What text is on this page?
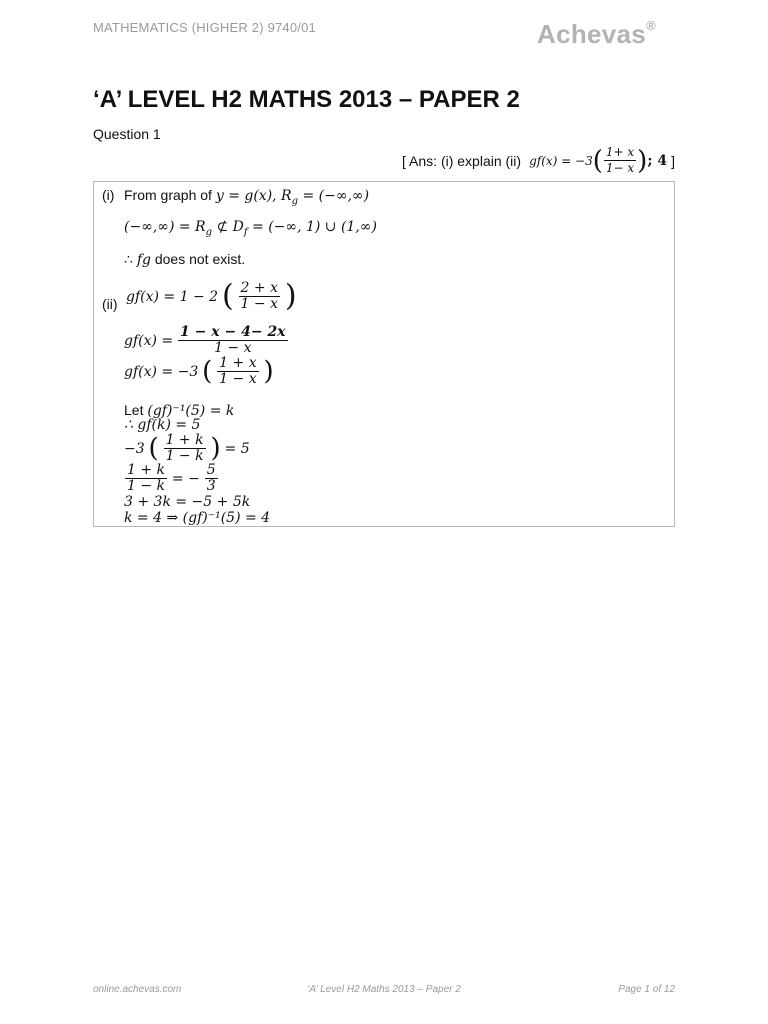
MATHEMATICS (HIGHER 2) 9740/01	Achevas®
‘A’ LEVEL H2 MATHS 2013 – PAPER 2
Question 1
[ Ans: (i) explain (ii) gf(x) = −3 ( $\frac{1+ x}{1- x}$ ) ; 4 ]
(i) From graph of y = g(x), $R_g$ = (−∞,∞)
(−∞,∞) = $R_g$ ⊄ $D_f$ = (−∞, 1) ∪ (1,∞)
∴ fg does not exist.
(ii) gf(x) = 1 − 2 ( $\frac{2 + x}{1 - x}$ )
$gf(x) = \frac{1 - x - 4- 2x}{1 - x}$
gf(x) = −3 ( $\frac{1 + x}{1 - x}$ )
Let (gf)⁻¹(5) = k
∴ gf(k) = 5
−3 ( $\frac{1 + k}{1 - k}$ ) = 5
$\frac{1 + k}{1 - k}$ = − $\frac{5}{3}$
3 + 3k = −5 + 5k
k = 4 ⇒ (gf)⁻¹(5) = 4
online.achevas.com	‘A’ Level H2 Maths 2013 – Paper 2	Page 1 of 12
